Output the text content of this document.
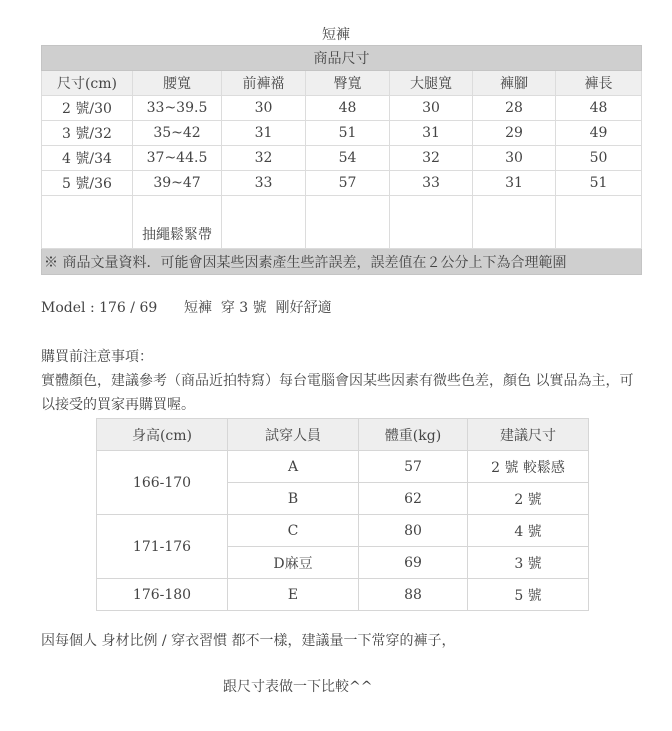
短褲
商品尺寸						
尺寸(cm)	腰寬	前褲襠	臀寬	大腿寬	褲腳	褲長
2 號/30	33~39.5	30	48	30	28	48
3 號/32	35~42	31	51	31	29	49
4 號/34	37~44.5	32	54	32	30	50
5 號/36	39~47	33	57	33	31	51
	抽繩鬆緊帶					
※ 商品文量資料．可能會因某些因素產生些許誤差，誤差值在２公分上下為合理範圍						
Model : 176 / 69      短褲  穿 3 號  剛好舒適
購買前注意事項：
實體顏色，建議參考（商品近拍特寫）每台電腦會因某些因素有微些色差，顏色 以實品為主，可以接受的買家再購買喔。
身高(cm)	試穿人員	體重(kg)	建議尺寸
166-170	A	57	2 號 較鬆感
	B	62	2 號
171-176	C	80	4 號
	D麻豆	69	3 號
176-180	E	88	5 號
因每個人 身材比例 / 穿衣習慣 都不一樣，建議量一下常穿的褲子，
跟尺寸表做一下比較^^
